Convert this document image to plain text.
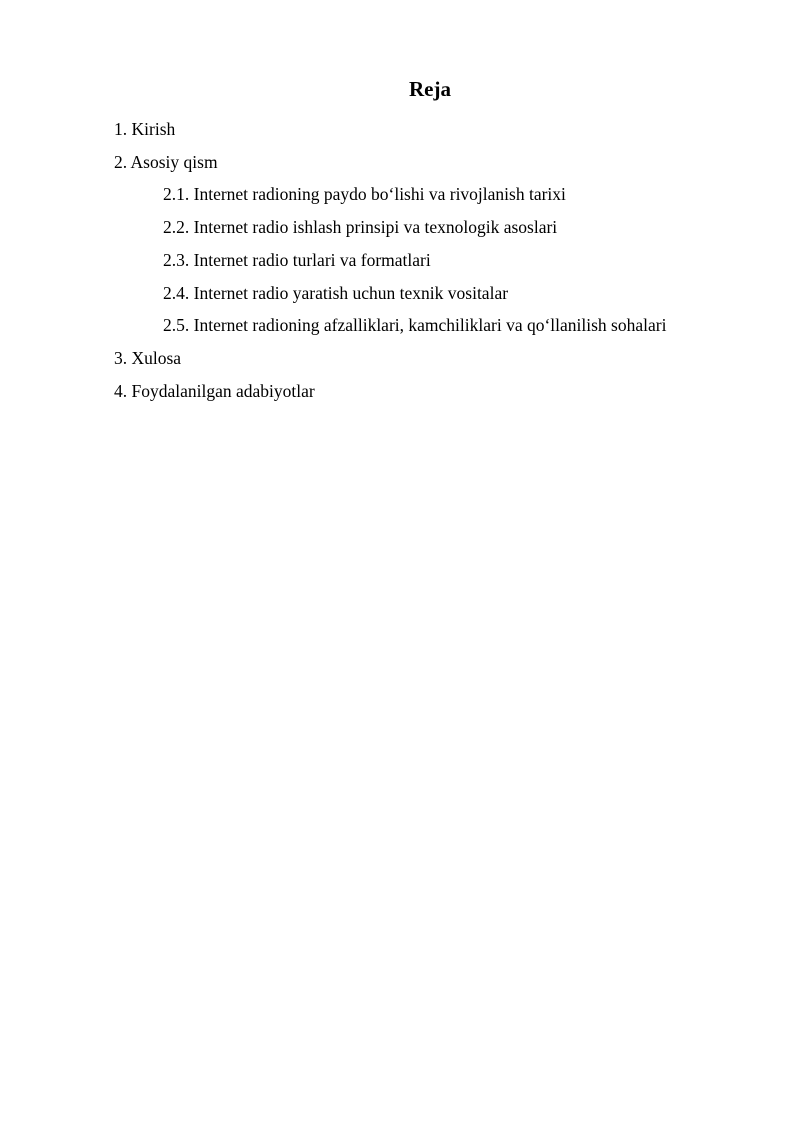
Reja
1. Kirish
2. Asosiy qism
2.1. Internet radioning paydo bo‘lishi va rivojlanish tarixi
2.2. Internet radio ishlash prinsipi va texnologik asoslari
2.3. Internet radio turlari va formatlari
2.4. Internet radio yaratish uchun texnik vositalar
2.5. Internet radioning afzalliklari, kamchiliklari va qo‘llanilish sohalari
3. Xulosa
4. Foydalanilgan adabiyotlar
